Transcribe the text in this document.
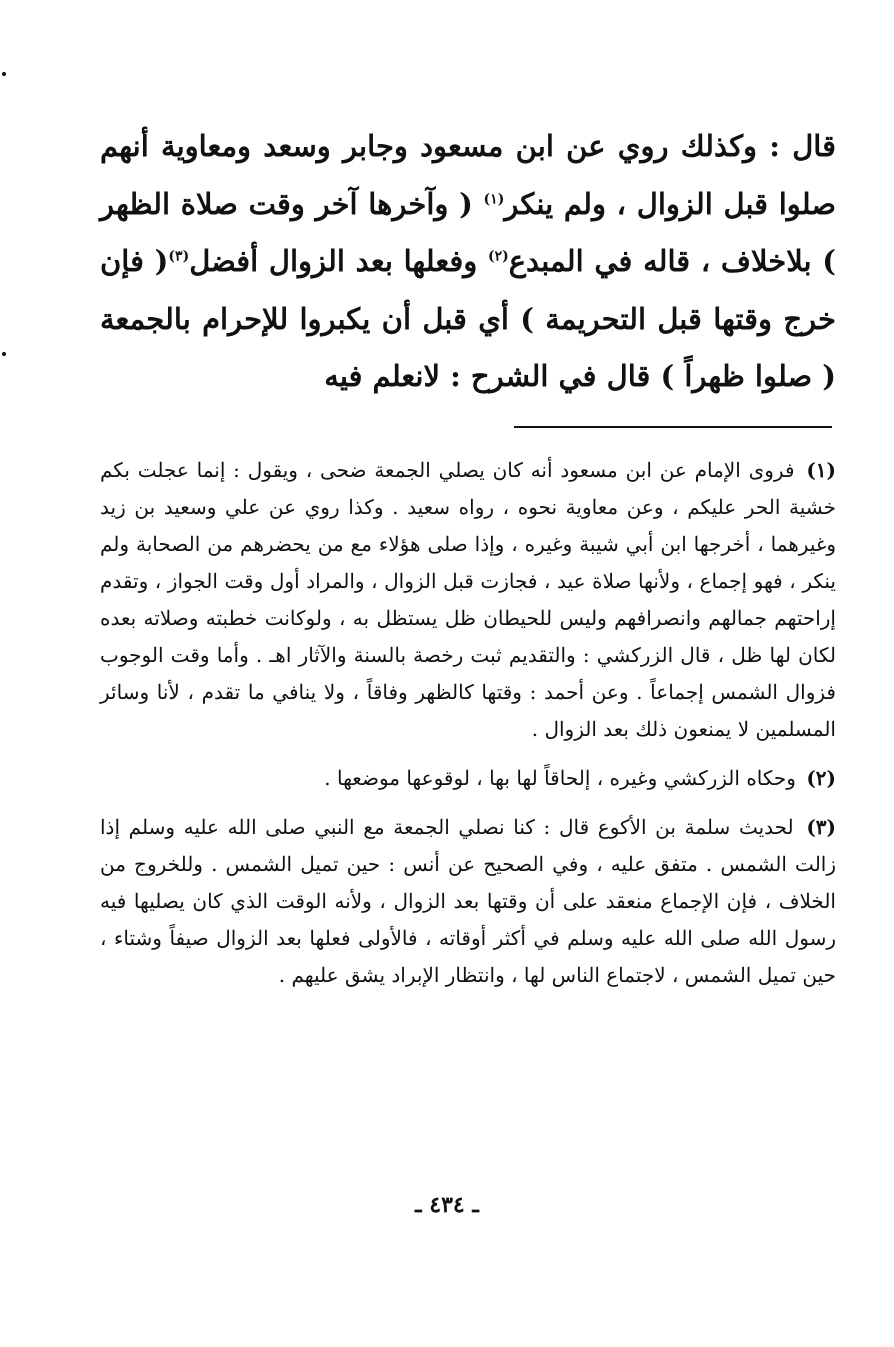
قال : وكذلك روي عن ابن مسعود وجابر وسعد ومعاوية أنهم صلوا قبل الزوال ، ولم ينكر$^{(١)}$ ( وآخرها آخر وقت صلاة الظهر ) بلاخلاف ، قاله في المبدع$^{(٢)}$ وفعلها بعد الزوال أفضل$^{(٣)}$( فإن خرج وقتها قبل التحريمة ) أي قبل أن يكبروا للإحرام بالجمعة ( صلوا ظهراً ) قال في الشرح : لانعلم فيه

(١) فروى الإمام عن ابن مسعود أنه كان يصلي الجمعة ضحى ، ويقول : إنما عجلت بكم خشية الحر عليكم ، وعن معاوية نحوه ، رواه سعيد . وكذا روي عن علي وسعيد بن زيد وغيرهما ، أخرجها ابن أبي شيبة وغيره ، وإذا صلى هؤلاء مع من يحضرهم من الصحابة ولم ينكر ، فهو إجماع ، ولأنها صلاة عيد ، فجازت قبل الزوال ، والمراد أول وقت الجواز ، وتقدم إراحتهم جمالهم وانصرافهم وليس للحيطان ظل يستظل به ، ولوكانت خطبته وصلاته بعده لكان لها ظل ، قال الزركشي : والتقديم ثبت رخصة بالسنة والآثار اهـ . وأما وقت الوجوب فزوال الشمس إجماعاً . وعن أحمد : وقتها كالظهر وفاقاً ، ولا ينافي ما تقدم ، لأنا وسائر المسلمين لا يمنعون ذلك بعد الزوال .

(٢) وحكاه الزركشي وغيره ، إلحاقاً لها بها ، لوقوعها موضعها .

(٣) لحديث سلمة بن الأكوع قال : كنا نصلي الجمعة مع النبي صلى الله عليه وسلم إذا زالت الشمس . متفق عليه ، وفي الصحيح عن أنس : حين تميل الشمس . وللخروج من الخلاف ، فإن الإجماع منعقد على أن وقتها بعد الزوال ، ولأنه الوقت الذي كان يصليها فيه رسول الله صلى الله عليه وسلم في أكثر أوقاته ، فالأولى فعلها بعد الزوال صيفاً وشتاء ، حين تميل الشمس ، لاجتماع الناس لها ، وانتظار الإبراد يشق عليهم .

ـ ٤٣٤ ـ
